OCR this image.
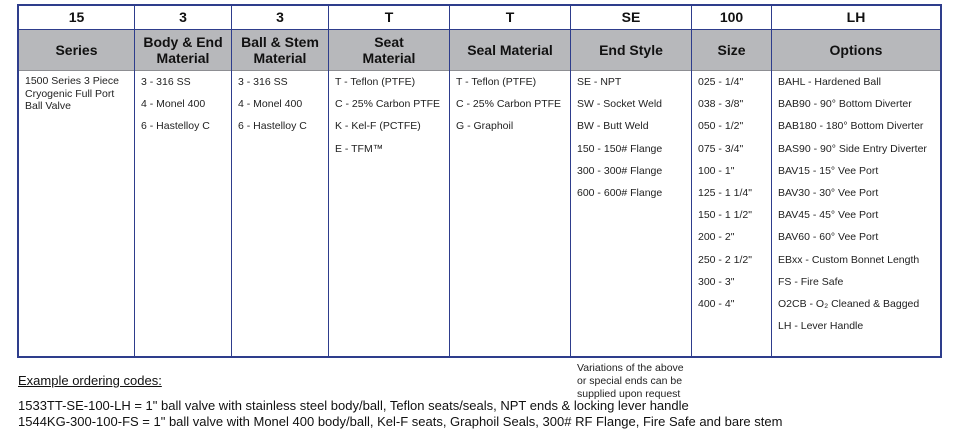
15
Series
1500 Series 3 Piece Cryogenic Full Port Ball Valve
3
Body & End
Material
3 - 316 SS
4 - Monel 400
6 - Hastelloy C
3
Ball & Stem
Material
3 - 316 SS
4 - Monel 400
6 - Hastelloy C
T
Seat
Material
T - Teflon (PTFE)
C - 25% Carbon PTFE
K - Kel-F (PCTFE)
E - TFM™
T
Seal Material
T - Teflon (PTFE)
C - 25% Carbon PTFE
G - Graphoil
SE
End Style
SE - NPT
SW - Socket Weld
BW - Butt Weld
150 - 150# Flange
300 - 300# Flange
600 - 600# Flange
Variations of the above or special ends can be supplied upon request
100
Size
025 - 1/4"
038 - 3/8"
050 - 1/2"
075 - 3/4"
100 - 1"
125 - 1 1/4"
150 - 1 1/2"
200 - 2"
250 - 2 1/2"
300 - 3"
400 - 4"
LH
Options
BAHL - Hardened Ball
BAB90 - 90° Bottom Diverter
BAB180 - 180° Bottom Diverter
BAS90 - 90° Side Entry Diverter
BAV15 - 15° Vee Port
BAV30 - 30° Vee Port
BAV45 - 45° Vee Port
BAV60 - 60° Vee Port
EBxx - Custom Bonnet Length
FS - Fire Safe
O2CB - O₂ Cleaned & Bagged
LH - Lever Handle
Example ordering codes:
1533TT-SE-100-LH = 1" ball valve with stainless steel body/ball, Teflon seats/seals, NPT ends & locking lever handle
1544KG-300-100-FS = 1" ball valve with Monel 400 body/ball, Kel-F seats, Graphoil Seals, 300# RF Flange, Fire Safe and bare stem
